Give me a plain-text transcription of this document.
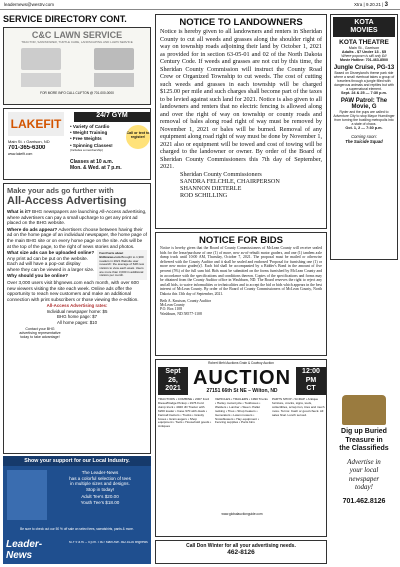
leadernews@westrv.com	Xtra | 9.20.21 | 3
SERVICE DIRECTORY CONT.
C&C LAWN SERVICE
TRACTOR, SAW/MOWER, TURTLE CARE, LANDSCAPING AND LAWN SERVICE
FOR MORE INFO CALL CLIFTON @ 701-000-0000
LAKEFIT
24/7 GYM
Main St. • Garrison, ND
701-365-6300
www.lakefit.com
• Variety of Cardio
• Weight Training
• Free Weights
• Spinning Classes!
(Includes a membership)
Classes at 10 a.m.
Mon. & Wed. at 7 p.m.
Call or text to register!
Make your ads go further with
All-Access Advertising

What is it? BHG newspapers are launching All-Access advertising, where advertisers can pay a small upcharge to get any print ad placed on the BHG website.

Where do ads appear? Advertisers choose between having their ad on the home page of an individual newspaper, the home page of the main BHG site or on every home page on the site. Ads will be at the top of the page, to the right of news stories and photos.

What size ads can be uploaded online? Any print ad can be put on the website. Each ad will have a pop-out display where they can be viewed in a larger size. Why should you be online?

Fast Facts about BHGnews.com Brought to 1,900 readers in 2021 Website user research: the average of 648 new visitors to view each week. Users are more than 3,000 in additional visitors per month.

Over 3,000 users visit bhgnews.com each month, with over 600 new viewers visiting the site each week. Online ads offer the opportunity to reach new customers and make an additional connection with print subscribers or those viewing the e-edition.

All-Access Advertising rates:
Individual newspaper home: $5
BHG home page: $7
All home pages: $10
Contact your BHG
advertising representative
today to take advantage!
Show your support for our Local Industry.
The Leader-News
has a colorful selection of tees
in multiple sizes and designs.
Stop in today!
Adult Tee's $20.00
Youth Tee's $18.00
Be sure to check out our 50 % off sale on select tees, sweatshirts, pants & more.
Leader-News
M-F 9 a.m. – 5 p.m. • 507 Main Ave. 462.8126 bhgnews
NOTICE TO LANDOWNERS
Notice is hereby given to all landowners and renters in Sheridan County to cut all weeds and grasses along the shoulder right of way on township roads adjoining their land by October 1, 2021 as provided for in section 63-05-01 and 02 of the North Dakota Century Code. If weeds and grasses are not cut by this time, the Sheridan County Commission will instruct the County Road Crew or Organized Township to cut weeds. The cost of cutting such weeds and grasses in each township will be charged $125.00 per mile and such charges shall become part of the taxes to be levied against such land for 2021. Notice is also given to all landowners and renters that no electric fencing is allowed along and over the right of way on township or county roads and removal of bales along road right of way must be removed by November 1, 2021 or bales will be burned. Removal of any equipment along road right of way must be done by November 1, 2021 also or equipment will be towed and cost of towing will be charged to the landowner or owner. By order of the Board of Sheridan County Commissioners this 7th day of September, 2021.
Sheridan County Commissioners
SANDRA FELCHLE, CHAIRPERSON
SHANNON DIETERLE
ROD SCHILLING
NOTICE FOR BIDS
Notice is hereby given that the Board of County Commissioners of McLean County will receive sealed bids for the lease/purchase of one (1) of more, new as-of-rebuilt motor graders, and one (1) tandem axle dump truck until 10:00 AM, Thursday, October 7, 2021. The proposal must be mailed or otherwise delivered with the County Auditor and it shall be sealed and endorsed 'Proposal for furnishing one (1) or more new motor grader(s)'. Each bid shall be accompanied by a Bidder's Bond in the amount of five percent (5%) of the full sum bid. Bids must be submitted on the forms furnished by McLean County and in accordance with the specifications and conditions thereon. Copies of the specifications and forms may be obtained from the County Auditor office in Washburn, ND. The Board reserves the right to reject any and all bids, to waive informalities or technicalities and to accept the bid or bids which appears in the best interest of McLean County. By order of the Board of County Commissioners of McLean County, North Dakota this 13th day of September, 2021.
Beth A. Knutson, County Auditor
McLean County
P.O. Box 1108
Washburn, ND 58577-1108
Robert Mehl Auctions Grain & Cowboy Auction
Sept
26,
2021 AUCTION	12:00
PM
CT
27151 66th St NE – Wilton, ND
TRACTORS • COMBINE • 2007 Ford Diesel/Dodge Pickup • 1976 Ford dump truck • 4020 JD Tractor with 6200 loader • Case 970 with duals • Farmall tractors • Trucks • Gravity boxes • Grain augers • Shop equipment • Tools • Household goods • Antiques
VEHICLES • TRAILERS • 1990 Trucks • Harley motorcycle • Toolboxes • Welders • Lumber • Steel • Pallet racking • Tires • Shop heaters • Generators • Lawn mowers • Snowblowers • Hay equipment • Fencing supplies • Parts bins
PARTS SHOP • SCRAP • Antique furniture, crocks, signs, tools, collectibles, scrap iron, tires and much more. Terms: Cash or good check. All sales final. Lunch served.
www.globalauctionguide.com
Call Don Winter for all your advertising needs.
462-8126
KOTA
MOVIES
KOTA THEATRE
Main St., Garrison
Adults - $7 Under 13 - $5
Where popcorn is still only $4!
Movie Hotline: 701-463-8500
Jungle Cruise, PG-13
Based on Disneyland's theme park ride where a small riverboat takes a group of travelers through a jungle filled with dangerous animals and reptiles but with a supernatural element.
Sept. 24 & 25 — 7:30 p.m.
PAW Patrol: The Movie, G
Ryder and the pups are called to Adventure City to stop Mayor Humdinger from turning the bustling metropolis into a state of chaos.
Oct. 1, 2 — 7:30 p.m.
Coming soon:
The Suicide Squad
Dig up Buried
Treasure in
the Classifieds
Advertise in
your local
newspaper
today!
701.462.8126
